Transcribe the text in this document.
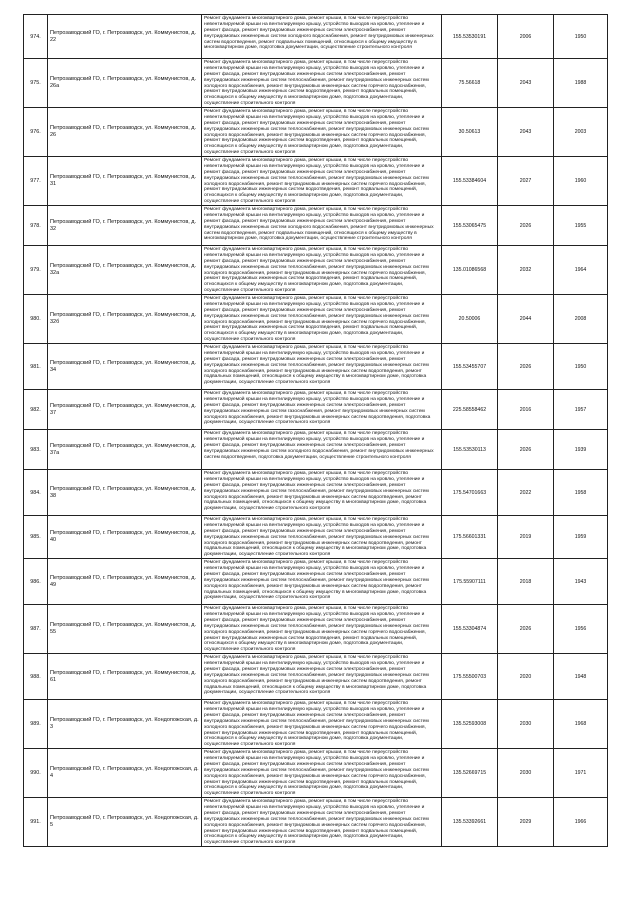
974.	Петрозаводский ГО, г. Петрозаводск, ул. Коммунистов, д. 22	Ремонт фундамента многоквартирного дома, ремонт крыши, в том числе переустройство невентилируемой крыши на вентилируемую крышу, устройство выходов на кровлю, утепление и ремонт фасада, ремонт внутридомовых инженерных систем электроснабжения, ремонт внутридомовых инженерных систем холодного водоснабжения, ремонт внутридомовых инженерных систем водоотведения, ремонт подвальных помещений, относящихся к общему имуществу в многоквартирном доме, подготовка документации, осуществление строительного контроля	155.53530191	2006	1950
975.	Петрозаводский ГО, г. Петрозаводск, ул. Коммунистов, д. 26а	Ремонт фундамента многоквартирного дома, ремонт крыши, в том числе переустройство невентилируемой крыши на вентилируемую крышу, устройство выходов на кровлю, утепление и ремонт фасада, ремонт внутридомовых инженерных систем электроснабжения, ремонт внутридомовых инженерных систем теплоснабжения, ремонт внутридомовых инженерных систем холодного водоснабжения, ремонт внутридомовых инженерных систем горячего водоснабжения, ремонт внутридомовых инженерных систем водоотведения, ремонт подвальных помещений, относящихся к общему имуществу в многоквартирном доме, подготовка документации, осуществление строительного контроля	75.56618	2043	1988
976.	Петрозаводский ГО, г. Петрозаводск, ул. Коммунистов, д. 26	Ремонт фундамента многоквартирного дома, ремонт крыши, в том числе переустройство невентилируемой крыши на вентилируемую крышу, устройство выходов на кровлю, утепление и ремонт фасада, ремонт внутридомовых инженерных систем электроснабжения, ремонт внутридомовых инженерных систем теплоснабжения, ремонт внутридомовых инженерных систем холодного водоснабжения, ремонт внутридомовых инженерных систем горячего водоснабжения, ремонт внутридомовых инженерных систем водоотведения, ремонт подвальных помещений, относящихся к общему имуществу в многоквартирном доме, подготовка документации, осуществление строительного контроля	30.50613	2043	2003
977.	Петрозаводский ГО, г. Петрозаводск, ул. Коммунистов, д. 31	Ремонт фундамента многоквартирного дома, ремонт крыши, в том числе переустройство невентилируемой крыши на вентилируемую крышу, устройство выходов на кровлю, утепление и ремонт фасада, ремонт внутридомовых инженерных систем электроснабжения, ремонт внутридомовых инженерных систем теплоснабжения, ремонт внутридомовых инженерных систем холодного водоснабжения, ремонт внутридомовых инженерных систем горячего водоснабжения, ремонт внутридомовых инженерных систем водоотведения, ремонт подвальных помещений, относящихся к общему имуществу в многоквартирном доме, подготовка документации, осуществление строительного контроля	155.53384604	2027	1960
978.	Петрозаводский ГО, г. Петрозаводск, ул. Коммунистов, д. 32	Ремонт фундамента многоквартирного дома, ремонт крыши, в том числе переустройство невентилируемой крыши на вентилируемую крышу, устройство выходов на кровлю, утепление и ремонт фасада, ремонт внутридомовых инженерных систем электроснабжения, ремонт внутридомовых инженерных систем холодного водоснабжения, ремонт внутридомовых инженерных систем водоотведения, ремонт подвальных помещений, относящихся к общему имуществу в многоквартирном доме, подготовка документации, осуществление строительного контроля	155.53065475	2026	1955
979.	Петрозаводский ГО, г. Петрозаводск, ул. Коммунистов, д. 32а	Ремонт фундамента многоквартирного дома, ремонт крыши, в том числе переустройство невентилируемой крыши на вентилируемую крышу, устройство выходов на кровлю, утепление и ремонт фасада, ремонт внутридомовых инженерных систем электроснабжения, ремонт внутридомовых инженерных систем теплоснабжения, ремонт внутридомовых инженерных систем холодного водоснабжения, ремонт внутридомовых инженерных систем горячего водоснабжения, ремонт внутридомовых инженерных систем водоотведения, ремонт подвальных помещений, относящихся к общему имуществу в многоквартирном доме, подготовка документации, осуществление строительного контроля	135.01086568	2032	1964
980.	Петрозаводский ГО, г. Петрозаводск, ул. Коммунистов, д. 32б	Ремонт фундамента многоквартирного дома, ремонт крыши, в том числе переустройство невентилируемой крыши на вентилируемую крышу, устройство выходов на кровлю, утепление и ремонт фасада, ремонт внутридомовых инженерных систем электроснабжения, ремонт внутридомовых инженерных систем теплоснабжения, ремонт внутридомовых инженерных систем холодного водоснабжения, ремонт внутридомовых инженерных систем горячего водоснабжения, ремонт внутридомовых инженерных систем водоотведения, ремонт подвальных помещений, относящихся к общему имуществу в многоквартирном доме, подготовка документации, осуществление строительного контроля	20.50006	2044	2008
981.	Петрозаводский ГО, г. Петрозаводск, ул. Коммунистов, д. 34	Ремонт фундамента многоквартирного дома, ремонт крыши, в том числе переустройство невентилируемой крыши на вентилируемую крышу, устройство выходов на кровлю, утепление и ремонт фасада, ремонт внутридомовых инженерных систем электроснабжения, ремонт внутридомовых инженерных систем теплоснабжения, ремонт внутридомовых инженерных систем холодного водоснабжения, ремонт внутридомовых инженерных систем водоотведения, ремонт подвальных помещений, относящихся к общему имуществу в многоквартирном доме, подготовка документации, осуществление строительного контроля	155.53455707	2026	1950
982.	Петрозаводский ГО, г. Петрозаводск, ул. Коммунистов, д. 37	Ремонт фундамента многоквартирного дома, ремонт крыши, в том числе переустройство невентилируемой крыши на вентилируемую крышу, устройство выходов на кровлю, утепление и ремонт фасада, ремонт внутридомовых инженерных систем электроснабжения, ремонт внутридомовых инженерных систем газоснабжения, ремонт внутридомовых инженерных систем холодного водоснабжения, ремонт внутридомовых инженерных систем водоотведения, подготовка документации, осуществление строительного контроля	225.58558462	2016	1957
983.	Петрозаводский ГО, г. Петрозаводск, ул. Коммунистов, д. 37а	Ремонт фундамента многоквартирного дома, ремонт крыши, в том числе переустройство невентилируемой крыши на вентилируемую крышу, устройство выходов на кровлю, утепление и ремонт фасада, ремонт внутридомовых инженерных систем электроснабжения, ремонт внутридомовых инженерных систем холодного водоснабжения, ремонт внутридомовых инженерных систем водоотведения, подготовка документации, осуществление строительного контроля	155.53530113	2026	1939
984.	Петрозаводский ГО, г. Петрозаводск, ул. Коммунистов, д. 38	Ремонт фундамента многоквартирного дома, ремонт крыши, в том числе переустройство невентилируемой крыши на вентилируемую крышу, устройство выходов на кровлю, утепление и ремонт фасада, ремонт внутридомовых инженерных систем электроснабжения, ремонт внутридомовых инженерных систем теплоснабжения, ремонт внутридомовых инженерных систем холодного водоснабжения, ремонт внутридомовых инженерных систем водоотведения, ремонт подвальных помещений, относящихся к общему имуществу в многоквартирном доме, подготовка документации, осуществление строительного контроля	175.54701663	2022	1958
985.	Петрозаводский ГО, г. Петрозаводск, ул. Коммунистов, д. 40	Ремонт фундамента многоквартирного дома, ремонт крыши, в том числе переустройство невентилируемой крыши на вентилируемую крышу, устройство выходов на кровлю, утепление и ремонт фасада, ремонт внутридомовых инженерных систем электроснабжения, ремонт внутридомовых инженерных систем теплоснабжения, ремонт внутридомовых инженерных систем холодного водоснабжения, ремонт внутридомовых инженерных систем водоотведения, ремонт подвальных помещений, относящихся к общему имуществу в многоквартирном доме, подготовка документации, осуществление строительного контроля	175.56601331	2019	1959
986.	Петрозаводский ГО, г. Петрозаводск, ул. Коммунистов, д. 49	Ремонт фундамента многоквартирного дома, ремонт крыши, в том числе переустройство невентилируемой крыши на вентилируемую крышу, устройство выходов на кровлю, утепление и ремонт фасада, ремонт внутридомовых инженерных систем электроснабжения, ремонт внутридомовых инженерных систем теплоснабжения, ремонт внутридомовых инженерных систем холодного водоснабжения, ремонт внутридомовых инженерных систем водоотведения, ремонт подвальных помещений, относящихся к общему имуществу в многоквартирном доме, подготовка документации, осуществление строительного контроля	175.55907111	2018	1943
987.	Петрозаводский ГО, г. Петрозаводск, ул. Коммунистов, д. 55	Ремонт фундамента многоквартирного дома, ремонт крыши, в том числе переустройство невентилируемой крыши на вентилируемую крышу, устройство выходов на кровлю, утепление и ремонт фасада, ремонт внутридомовых инженерных систем электроснабжения, ремонт внутридомовых инженерных систем теплоснабжения, ремонт внутридомовых инженерных систем холодного водоснабжения, ремонт внутридомовых инженерных систем горячего водоснабжения, ремонт внутридомовых инженерных систем водоотведения, ремонт подвальных помещений, относящихся к общему имуществу в многоквартирном доме, подготовка документации, осуществление строительного контроля	155.53304874	2026	1956
988.	Петрозаводский ГО, г. Петрозаводск, ул. Коммунистов, д. 61	Ремонт фундамента многоквартирного дома, ремонт крыши, в том числе переустройство невентилируемой крыши на вентилируемую крышу, устройство выходов на кровлю, утепление и ремонт фасада, ремонт внутридомовых инженерных систем электроснабжения, ремонт внутридомовых инженерных систем теплоснабжения, ремонт внутридомовых инженерных систем холодного водоснабжения, ремонт внутридомовых инженерных систем водоотведения, ремонт подвальных помещений, относящихся к общему имуществу в многоквартирном доме, подготовка документации, осуществление строительного контроля	175.55500703	2020	1948
989.	Петрозаводский ГО, г. Петрозаводск, ул. Кондопожская, д. 3	Ремонт фундамента многоквартирного дома, ремонт крыши, в том числе переустройство невентилируемой крыши на вентилируемую крышу, устройство выходов на кровлю, утепление и ремонт фасада, ремонт внутридомовых инженерных систем электроснабжения, ремонт внутридомовых инженерных систем теплоснабжения, ремонт внутридомовых инженерных систем холодного водоснабжения, ремонт внутридомовых инженерных систем горячего водоснабжения, ремонт внутридомовых инженерных систем водоотведения, ремонт подвальных помещений, относящихся к общему имуществу в многоквартирном доме, подготовка документации, осуществление строительного контроля	135.52593008	2030	1968
990.	Петрозаводский ГО, г. Петрозаводск, ул. Кондопожская, д. 4	Ремонт фундамента многоквартирного дома, ремонт крыши, в том числе переустройство невентилируемой крыши на вентилируемую крышу, устройство выходов на кровлю, утепление и ремонт фасада, ремонт внутридомовых инженерных систем электроснабжения, ремонт внутридомовых инженерных систем теплоснабжения, ремонт внутридомовых инженерных систем холодного водоснабжения, ремонт внутридомовых инженерных систем горячего водоснабжения, ремонт внутридомовых инженерных систем водоотведения, ремонт подвальных помещений, относящихся к общему имуществу в многоквартирном доме, подготовка документации, осуществление строительного контроля	135.52669715	2030	1971
991.	Петрозаводский ГО, г. Петрозаводск, ул. Кондопожская, д. 5	Ремонт фундамента многоквартирного дома, ремонт крыши, в том числе переустройство невентилируемой крыши на вентилируемую крышу, устройство выходов на кровлю, утепление и ремонт фасада, ремонт внутридомовых инженерных систем электроснабжения, ремонт внутридомовых инженерных систем теплоснабжения, ремонт внутридомовых инженерных систем холодного водоснабжения, ремонт внутридомовых инженерных систем горячего водоснабжения, ремонт внутридомовых инженерных систем водоотведения, ремонт подвальных помещений, относящихся к общему имуществу в многоквартирном доме, подготовка документации, осуществление строительного контроля	135.53392661	2029	1966
